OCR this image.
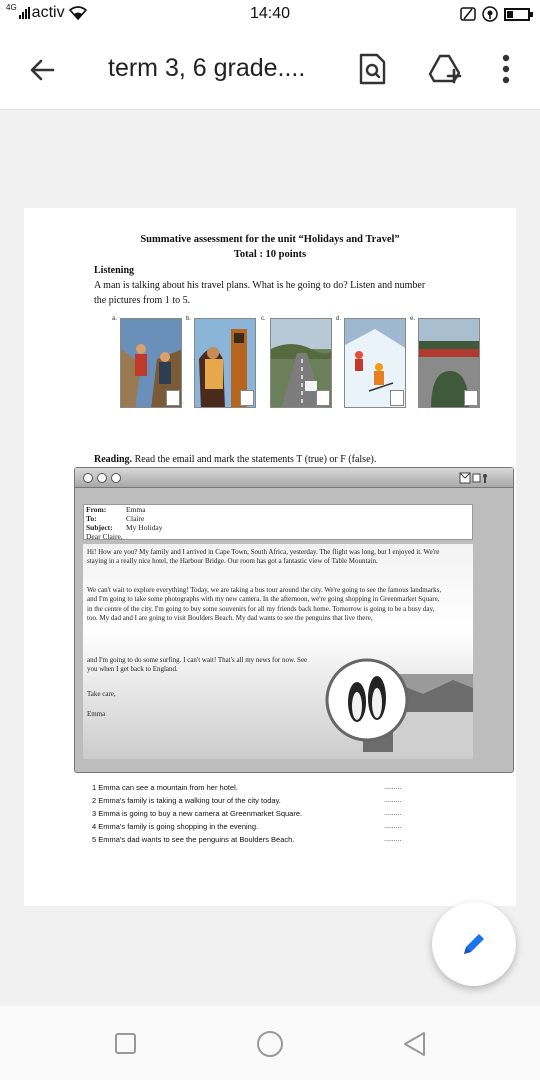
4G activ	14:40
term 3, 6 grade....
Summative assessment for the unit “Holidays and Travel”
Total : 10 points
Listening
A man is talking about his travel plans. What is he going to do? Listen and number
the pictures from 1 to 5.
a.	b.	c.	d.	e.
Reading. Read the email and mark the statements T (true) or F (false).
From:	Emma
To:	Claire
Subject: My Holiday
Dear Claire,
Hi! How are you? My family and I arrived in Cape Town, South Africa, yesterday. The flight was long, but I enjoyed it. We're staying in a really nice hotel, the Harbour Bridge. Our room has got a fantastic view of Table Mountain.
We can't wait to explore everything! Today, we are taking a bus tour around the city. We're going to see the famous landmarks, and I'm going to take some photographs with my new camera. In the afternoon, we're going shopping in Greenmarket Square, in the centre of the city. I'm going to buy some souvenirs for all my friends back home. Tomorrow is going to be a busy day, too. My dad and I are going to visit Boulders Beach. My dad wants to see the penguins that live there,
and I'm going to do some surfing. I can't wait! That's all my news for now. See you when I get back to England.
Take care,
Emma
1 Emma can see a mountain from her hotel.	.........
2 Emma's family is taking a walking tour of the city today.	.........
3 Emma is going to buy a new camera at Greenmarket Square.	.........
4 Emma's family is going shopping in the evening.	.........
5 Emma's dad wants to see the penguins at Boulders Beach.	.........
